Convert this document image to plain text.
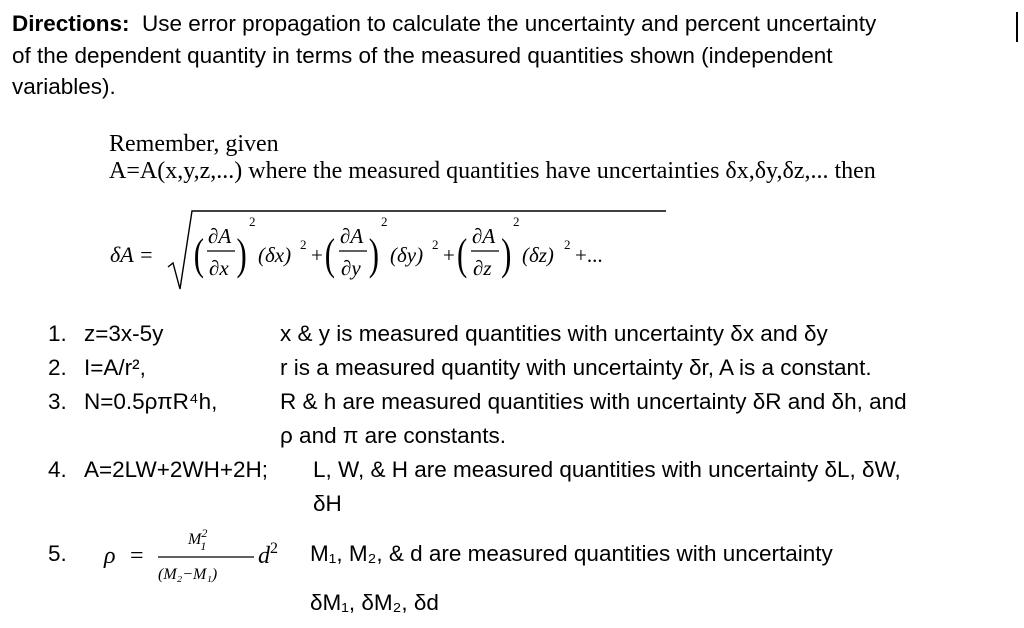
Directions: Use error propagation to calculate the uncertainty and percent uncertainty
of the dependent quantity in terms of the measured quantities shown (independent
variables).
Remember, given
A=A(x,y,z,...) where the measured quantities have uncertainties δx,δy,δz,... then
δA = ( ∂A
∂x )
2
(δx) 2 + ( ∂A
∂y )
2
(δy) 2 + ( ∂A
∂z )
2
(δz) 2 +...
1. z=3x-5y	x & y is measured quantities with uncertainty δx and δy
2. I=A/r²,	r is a measured quantity with uncertainty δr, A is a constant.
3. N=0.5ρπR⁴h,	R & h are measured quantities with uncertainty δR and δh, and
ρ and π are constants.
4. A=2LW+2WH+2H; L, W, & H are measured quantities with uncertainty δL, δW,
δH
5. ρ =
$M^2$ 1
(M₂−M₁)
$d^2$ M₁, M₂, & d are measured quantities with uncertainty
δM₁, δM₂, δd
